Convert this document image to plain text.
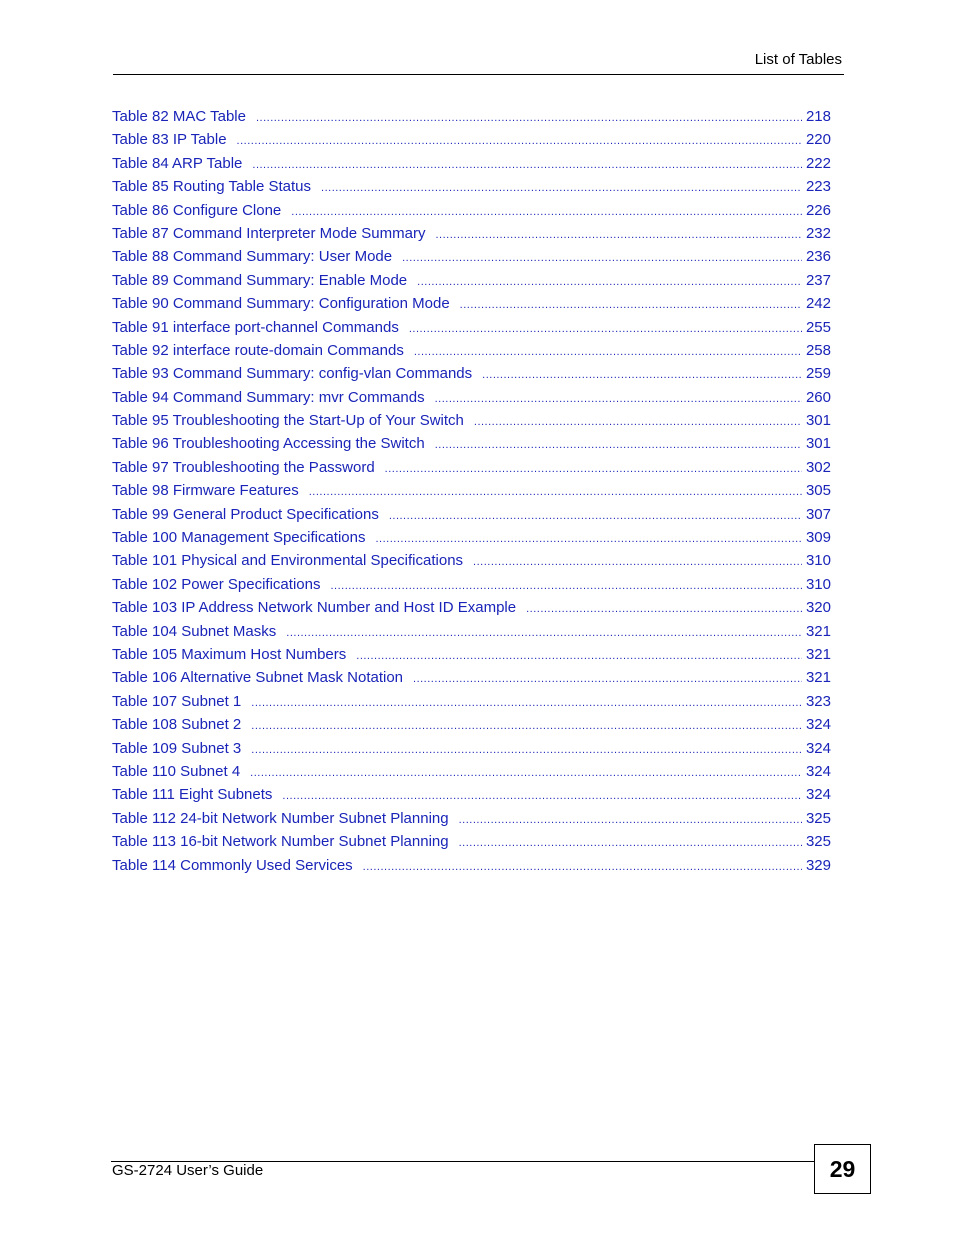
List of Tables
Table 82 MAC Table .....	218
Table 83 IP Table .....	220
Table 84 ARP Table .....	222
Table 85 Routing Table Status .....	223
Table 86 Configure Clone .....	226
Table 87 Command Interpreter Mode Summary .....	232
Table 88 Command Summary: User Mode .....	236
Table 89 Command Summary: Enable Mode .....	237
Table 90 Command Summary: Configuration Mode .....	242
Table 91 interface port-channel Commands .....	255
Table 92 interface route-domain Commands .....	258
Table 93 Command Summary: config-vlan Commands .....	259
Table 94 Command Summary: mvr Commands .....	260
Table 95 Troubleshooting the Start-Up of Your Switch .....	301
Table 96 Troubleshooting Accessing the Switch .....	301
Table 97 Troubleshooting the Password .....	302
Table 98 Firmware Features .....	305
Table 99 General Product Specifications .....	307
Table 100 Management Specifications .....	309
Table 101 Physical and Environmental Specifications .....	310
Table 102 Power Specifications .....	310
Table 103 IP Address Network Number and Host ID Example .....	320
Table 104 Subnet Masks .....	321
Table 105 Maximum Host Numbers .....	321
Table 106 Alternative Subnet Mask Notation .....	321
Table 107 Subnet 1 .....	323
Table 108 Subnet 2 .....	324
Table 109 Subnet 3 .....	324
Table 110 Subnet 4 .....	324
Table 111 Eight Subnets .....	324
Table 112 24-bit Network Number Subnet Planning .....	325
Table 113 16-bit Network Number Subnet Planning .....	325
Table 114 Commonly Used Services .....	329
GS-2724 User’s Guide	29
